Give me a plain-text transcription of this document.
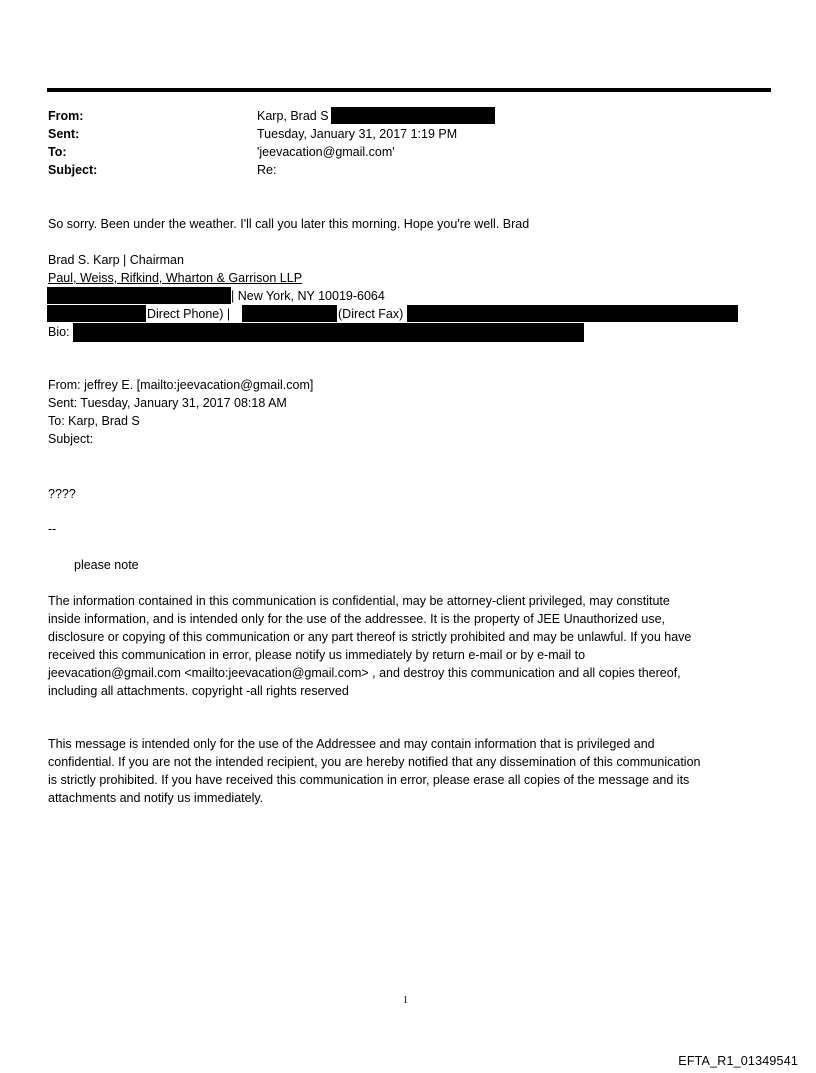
From:	Karp, Brad S
Sent:	Tuesday, January 31, 2017 1:19 PM
To:	'jeevacation@gmail.com'
Subject:	Re:
So sorry. Been under the weather. I'll call you later this morning. Hope you're well. Brad
Brad S. Karp | Chairman
Paul, Weiss, Rifkind, Wharton & Garrison LLP
| New York, NY 10019-6064
Direct Phone) |	(Direct Fax)
Bio:
From: jeffrey E. [mailto:jeevacation@gmail.com]
Sent: Tuesday, January 31, 2017 08:18 AM
To: Karp, Brad S
Subject:
????
--
please note
The information contained in this communication is confidential, may be attorney-client privileged, may constitute
inside information, and is intended only for the use of the addressee. It is the property of JEE Unauthorized use,
disclosure or copying of this communication or any part thereof is strictly prohibited and may be unlawful. If you have
received this communication in error, please notify us immediately by return e-mail or by e-mail to
jeevacation@gmail.com <mailto:jeevacation@gmail.com> , and destroy this communication and all copies thereof,
including all attachments. copyright -all rights reserved
This message is intended only for the use of the Addressee and may contain information that is privileged and
confidential. If you are not the intended recipient, you are hereby notified that any dissemination of this communication
is strictly prohibited. If you have received this communication in error, please erase all copies of the message and its
attachments and notify us immediately.
1
EFTA_R1_01349541
